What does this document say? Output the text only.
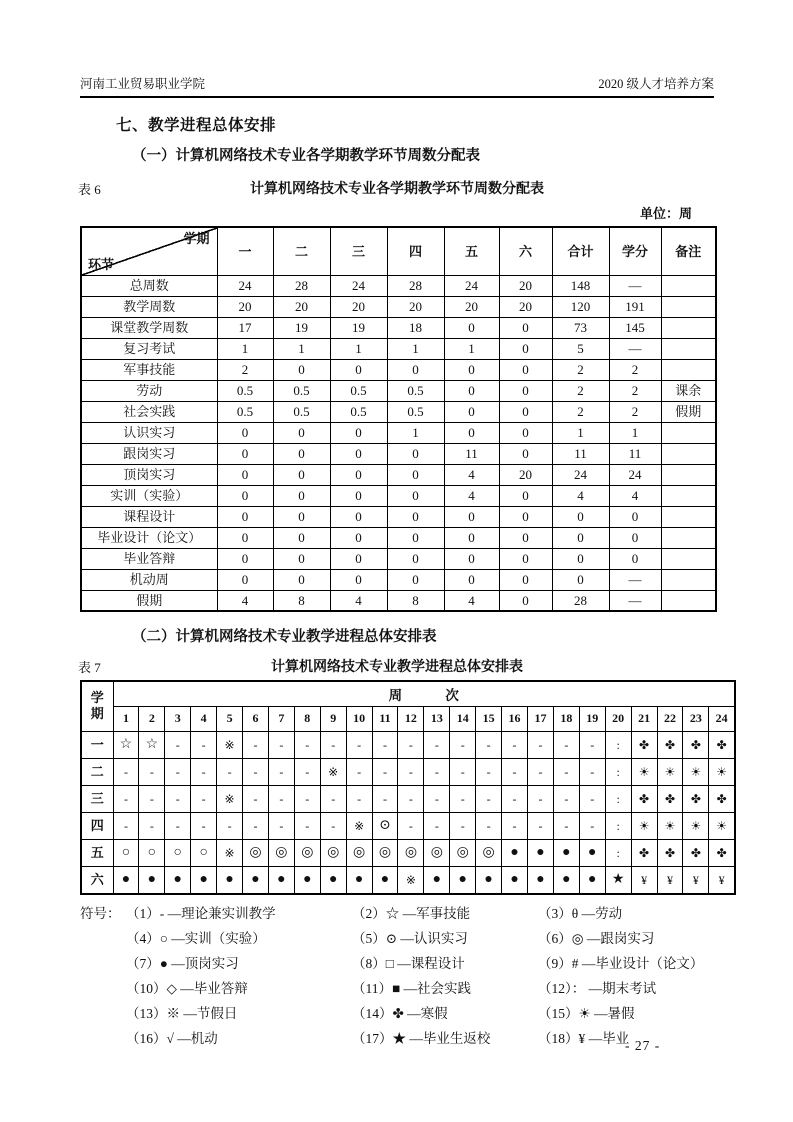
河南工业贸易职业学院	2020 级人才培养方案
七、教学进程总体安排
（一）计算机网络技术专业各学期教学环节周数分配表
表 6	计算机网络技术专业各学期教学环节周数分配表
单位：周
学期
环节	一	二	三	四	五	六	合计	学分	备注
总周数	24	28	24	28	24	20	148	—	
教学周数	20	20	20	20	20	20	120	191	
课堂教学周数	17	19	19	18	0	0	73	145	
复习考试	1	1	1	1	1	0	5	—	
军事技能	2	0	0	0	0	0	2	2	
劳动	0.5	0.5	0.5	0.5	0	0	2	2	课余
社会实践	0.5	0.5	0.5	0.5	0	0	2	2	假期
认识实习	0	0	0	1	0	0	1	1	
跟岗实习	0	0	0	0	11	0	11	11	
顶岗实习	0	0	0	0	4	20	24	24	
实训（实验）	0	0	0	0	4	0	4	4	
课程设计	0	0	0	0	0	0	0	0	
毕业设计（论文）	0	0	0	0	0	0	0	0	
毕业答辩	0	0	0	0	0	0	0	0	
机动周	0	0	0	0	0	0	0	—	
假期	4	8	4	8	4	0	28	—	
（二）计算机网络技术专业教学进程总体安排表
表 7	计算机网络技术专业教学进程总体安排表
学期	周次																							
	1	2	3	4	5	6	7	8	9	10	11	12	13	14	15	16	17	18	19	20	21	22	23	24
一	☆	☆	-	-	※	-	-	-	-	-	-	-	-	-	-	-	-	-	-	:	✤	✤	✤	✤
二	-	-	-	-	-	-	-	-	※	-	-	-	-	-	-	-	-	-	-	:	☀	☀	☀	☀
三	-	-	-	-	※	-	-	-	-	-	-	-	-	-	-	-	-	-	-	:	✤	✤	✤	✤
四	-	-	-	-	-	-	-	-	-	※	⊙	-	-	-	-	-	-	-	-	:	☀	☀	☀	☀
五	○	○	○	○	※	◎	◎	◎	◎	◎	◎	◎	◎	◎	◎	●	●	●	●	:	✤	✤	✤	✤
六	●	●	●	●	●	●	●	●	●	●	●	※	●	●	●	●	●	●	●	★	¥	¥	¥	¥
符号： （1）- —理论兼实训教学	（2）☆ —军事技能	（3）θ —劳动
（4）○ —实训（实验）	（5）⊙ —认识实习	（6）◎ —跟岗实习
（7）● —顶岗实习	（8）□ —课程设计	（9）# —毕业设计（论文）
（10）◇ —毕业答辩	（11）■ —社会实践	（12）： —期末考试
（13）※ —节假日	（14）✤ —寒假	（15）☀ —暑假
（16）√ —机动	（17）★ —毕业生返校	（18）¥ —毕业
- 27 -
